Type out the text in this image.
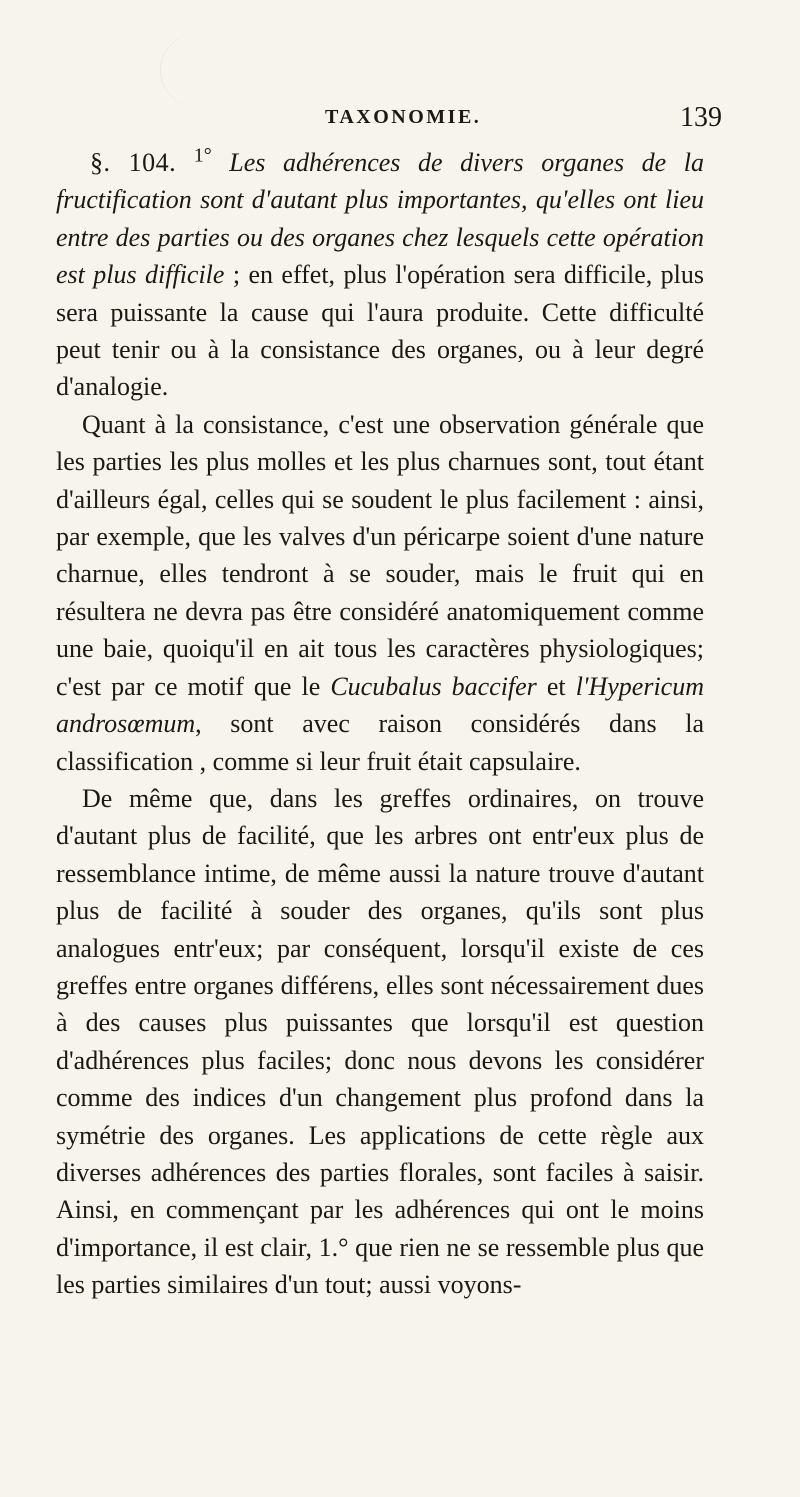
TAXONOMIE.	139

§. 104. $^{1^\circ}$ Les adhérences de divers organes de la fructification sont d'autant plus importantes, qu'elles ont lieu entre des parties ou des organes chez lesquels cette opération est plus difficile ; en effet, plus l'opération sera difficile, plus sera puissante la cause qui l'aura produite. Cette difficulté peut tenir ou à la consistance des organes, ou à leur degré d'analogie.

Quant à la consistance, c'est une observation générale que les parties les plus molles et les plus charnues sont, tout étant d'ailleurs égal, celles qui se soudent le plus facilement : ainsi, par exemple, que les valves d'un péricarpe soient d'une nature charnue, elles tendront à se souder, mais le fruit qui en résultera ne devra pas être considéré anatomiquement comme une baie, quoiqu'il en ait tous les caractères physiologiques; c'est par ce motif que le Cucubalus baccifer et l'Hypericum androsœmum, sont avec raison considérés dans la classification , comme si leur fruit était capsulaire.

De même que, dans les greffes ordinaires, on trouve d'autant plus de facilité, que les arbres ont entr'eux plus de ressemblance intime, de même aussi la nature trouve d'autant plus de facilité à souder des organes, qu'ils sont plus analogues entr'eux; par conséquent, lorsqu'il existe de ces greffes entre organes différens, elles sont nécessairement dues à des causes plus puissantes que lorsqu'il est question d'adhérences plus faciles; donc nous devons les considérer comme des indices d'un changement plus profond dans la symétrie des organes. Les applications de cette règle aux diverses adhérences des parties florales, sont faciles à saisir. Ainsi, en commençant par les adhérences qui ont le moins d'importance, il est clair, 1.° que rien ne se ressemble plus que les parties similaires d'un tout; aussi voyons-
